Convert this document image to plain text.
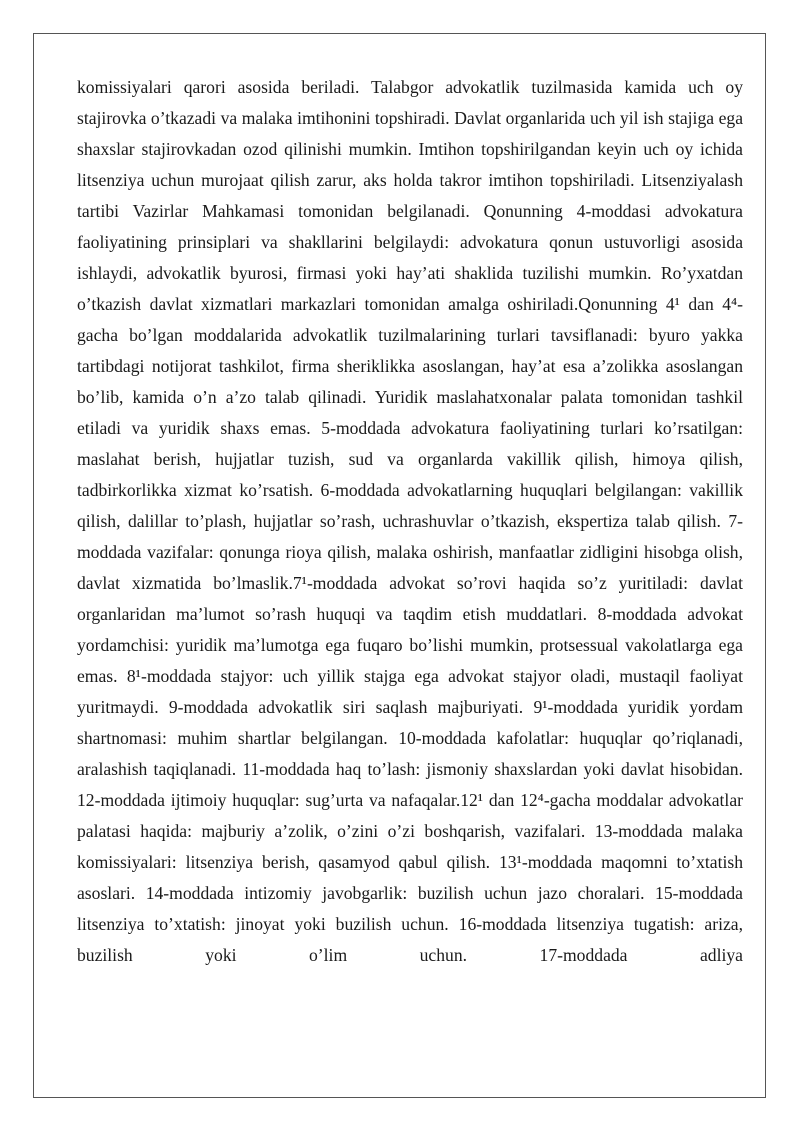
komissiyalari qarori asosida beriladi. Talabgor advokatlik tuzilmasida kamida uch oy stajirovka o’tkazadi va malaka imtihonini topshiradi. Davlat organlarida uch yil ish stajiga ega shaxslar stajirovkadan ozod qilinishi mumkin. Imtihon topshirilgandan keyin uch oy ichida litsenziya uchun murojaat qilish zarur, aks holda takror imtihon topshiriladi. Litsenziyalash tartibi Vazirlar Mahkamasi tomonidan belgilanadi. Qonunning 4-moddasi advokatura faoliyatining prinsiplari va shakllarini belgilaydi: advokatura qonun ustuvorligi asosida ishlaydi, advokatlik byurosi, firmasi yoki hay’ati shaklida tuzilishi mumkin. Ro’yxatdan o’tkazish davlat xizmatlari markazlari tomonidan amalga oshiriladi.Qonunning 4¹ dan 4⁴-gacha bo’lgan moddalarida advokatlik tuzilmalarining turlari tavsiflanadi: byuro yakka tartibdagi notijorat tashkilot, firma sheriklikka asoslangan, hay’at esa a’zolikka asoslangan bo’lib, kamida o’n a’zo talab qilinadi. Yuridik maslahatxonalar palata tomonidan tashkil etiladi va yuridik shaxs emas. 5-moddada advokatura faoliyatining turlari ko’rsatilgan: maslahat berish, hujjatlar tuzish, sud va organlarda vakillik qilish, himoya qilish, tadbirkorlikka xizmat ko’rsatish. 6-moddada advokatlarning huquqlari belgilangan: vakillik qilish, dalillar to’plash, hujjatlar so’rash, uchrashuvlar o’tkazish, ekspertiza talab qilish. 7-moddada vazifalar: qonunga rioya qilish, malaka oshirish, manfaatlar zidligini hisobga olish, davlat xizmatida bo’lmaslik.7¹-moddada advokat so’rovi haqida so’z yuritiladi: davlat organlaridan ma’lumot so’rash huquqi va taqdim etish muddatlari. 8-moddada advokat yordamchisi: yuridik ma’lumotga ega fuqaro bo’lishi mumkin, protsessual vakolatlarga ega emas. 8¹-moddada stajyor: uch yillik stajga ega advokat stajyor oladi, mustaqil faoliyat yuritmaydi. 9-moddada advokatlik siri saqlash majburiyati. 9¹-moddada yuridik yordam shartnomasi: muhim shartlar belgilangan. 10-moddada kafolatlar: huquqlar qo’riqlanadi, aralashish taqiqlanadi. 11-moddada haq to’lash: jismoniy shaxslardan yoki davlat hisobidan. 12-moddada ijtimoiy huquqlar: sug’urta va nafaqalar.12¹ dan 12⁴-gacha moddalar advokatlar palatasi haqida: majburiy a’zolik, o’zini o’zi boshqarish, vazifalari. 13-moddada malaka komissiyalari: litsenziya berish, qasamyod qabul qilish. 13¹-moddada maqomni to’xtatish asoslari. 14-moddada intizomiy javobgarlik: buzilish uchun jazo choralari. 15-moddada litsenziya to’xtatish: jinoyat yoki buzilish uchun. 16-moddada litsenziya tugatish: ariza, buzilish yoki o’lim uchun. 17-moddada adliya
